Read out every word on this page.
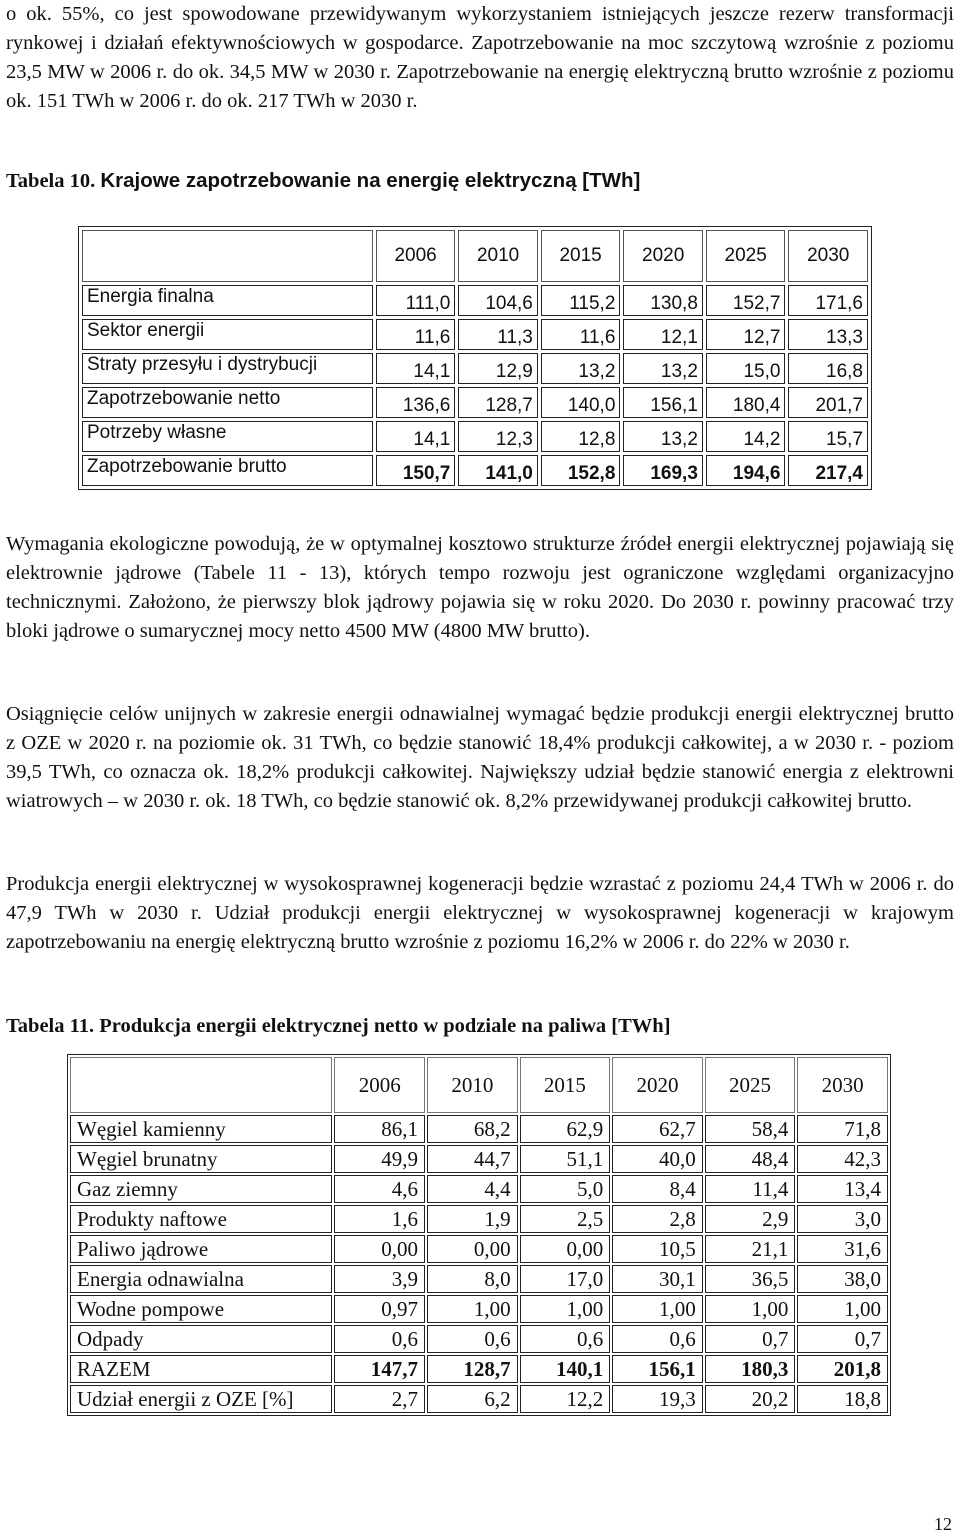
o ok. 55%, co jest spowodowane przewidywanym wykorzystaniem istniejących jeszcze rezerw transformacji rynkowej i działań efektywnościowych w gospodarce. Zapotrzebowanie na moc szczytową wzrośnie z poziomu 23,5 MW w 2006 r. do ok. 34,5 MW w 2030 r. Zapotrzebowanie na energię elektryczną brutto wzrośnie z poziomu ok. 151 TWh w 2006 r. do ok. 217 TWh w 2030 r.

Tabela 10. Krajowe zapotrzebowanie na energię elektryczną [TWh]

	2006	2010	2015	2020	2025	2030
Energia finalna	111,0	104,6	115,2	130,8	152,7	171,6
Sektor energii	11,6	11,3	11,6	12,1	12,7	13,3
Straty przesyłu i dystrybucji	14,1	12,9	13,2	13,2	15,0	16,8
Zapotrzebowanie netto	136,6	128,7	140,0	156,1	180,4	201,7
Potrzeby własne	14,1	12,3	12,8	13,2	14,2	15,7
Zapotrzebowanie brutto	150,7	141,0	152,8	169,3	194,6	217,4

Wymagania ekologiczne powodują, że w optymalnej kosztowo strukturze źródeł energii elektrycznej pojawiają się elektrownie jądrowe (Tabele 11 - 13), których tempo rozwoju jest ograniczone względami organizacyjno technicznymi. Założono, że pierwszy blok jądrowy pojawia się w roku 2020. Do 2030 r. powinny pracować trzy bloki jądrowe o sumarycznej mocy netto 4500 MW (4800 MW brutto).

Osiągnięcie celów unijnych w zakresie energii odnawialnej wymagać będzie produkcji energii elektrycznej brutto z OZE w 2020 r. na poziomie ok. 31 TWh, co będzie stanowić 18,4% produkcji całkowitej, a w 2030 r. - poziom 39,5 TWh, co oznacza ok. 18,2% produkcji całkowitej. Największy udział będzie stanowić energia z elektrowni wiatrowych – w 2030 r. ok. 18 TWh, co będzie stanowić ok. 8,2% przewidywanej produkcji całkowitej brutto.

Produkcja energii elektrycznej w wysokosprawnej kogeneracji będzie wzrastać z poziomu 24,4 TWh w 2006 r. do 47,9 TWh w 2030 r. Udział produkcji energii elektrycznej w wysokosprawnej kogeneracji w krajowym zapotrzebowaniu na energię elektryczną brutto wzrośnie z poziomu 16,2% w 2006 r. do 22% w 2030 r.

Tabela 11. Produkcja energii elektrycznej netto w podziale na paliwa [TWh]

	2006	2010	2015	2020	2025	2030
Węgiel kamienny	86,1	68,2	62,9	62,7	58,4	71,8
Węgiel brunatny	49,9	44,7	51,1	40,0	48,4	42,3
Gaz ziemny	4,6	4,4	5,0	8,4	11,4	13,4
Produkty naftowe	1,6	1,9	2,5	2,8	2,9	3,0
Paliwo jądrowe	0,00	0,00	0,00	10,5	21,1	31,6
Energia odnawialna	3,9	8,0	17,0	30,1	36,5	38,0
Wodne pompowe	0,97	1,00	1,00	1,00	1,00	1,00
Odpady	0,6	0,6	0,6	0,6	0,7	0,7
RAZEM	147,7	128,7	140,1	156,1	180,3	201,8
Udział energii z OZE [%]	2,7	6,2	12,2	19,3	20,2	18,8
12
